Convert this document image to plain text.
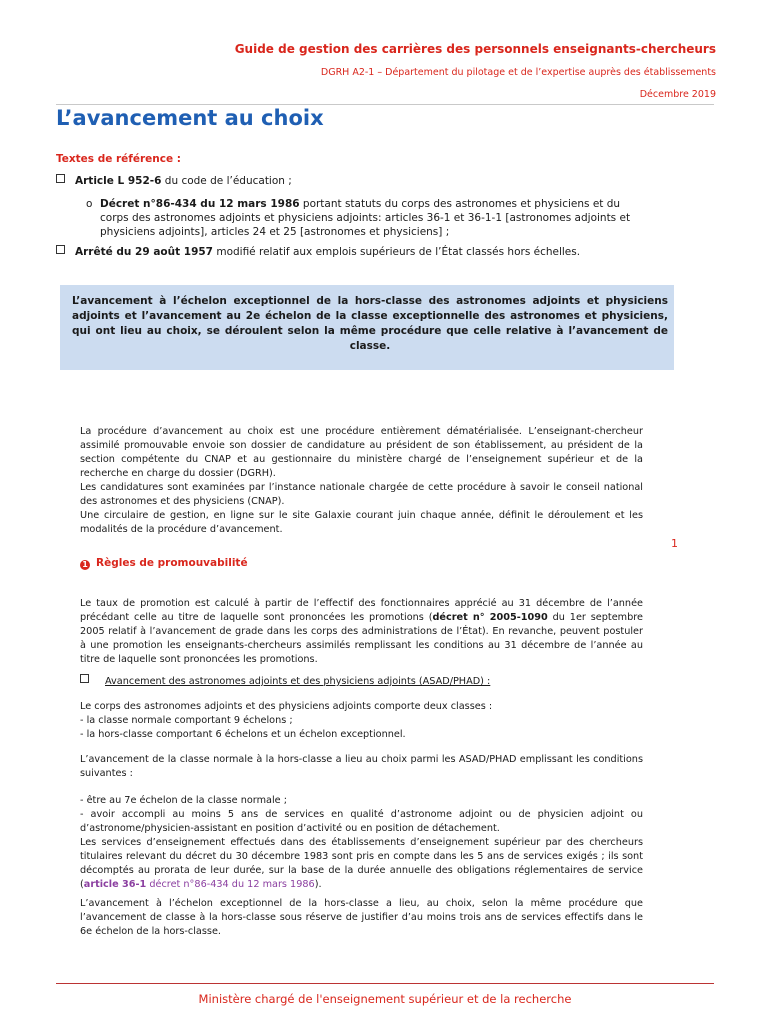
Guide de gestion des carrières des personnels enseignants-chercheurs
DGRH A2-1 – Département du pilotage et de l’expertise auprès des établissements
Décembre 2019
L’avancement au choix
Textes de référence :
Article L 952-6 du code de l’éducation ;
o Décret n°86-434 du 12 mars 1986 portant statuts du corps des astronomes et physiciens et du corps des astronomes adjoints et physiciens adjoints: articles 36-1 et 36-1-1 [astronomes adjoints et physiciens adjoints], articles 24 et 25 [astronomes et physiciens] ;
Arrêté du 29 août 1957 modifié relatif aux emplois supérieurs de l’État classés hors échelles.
L’avancement à l’échelon exceptionnel de la hors-classe des astronomes adjoints et physiciens adjoints et l’avancement au 2e échelon de la classe exceptionnelle des astronomes et physiciens, qui ont lieu au choix, se déroulent selon la même procédure que celle relative à l’avancement de classe.
La procédure d’avancement au choix est une procédure entièrement dématérialisée. L’enseignant-chercheur assimilé promouvable envoie son dossier de candidature au président de son établissement, au président de la section compétente du CNAP et au gestionnaire du ministère chargé de l’enseignement supérieur et de la recherche en charge du dossier (DGRH).
Les candidatures sont examinées par l’instance nationale chargée de cette procédure à savoir le conseil national des astronomes et des physiciens (CNAP).
Une circulaire de gestion, en ligne sur le site Galaxie courant juin chaque année, définit le déroulement et les modalités de la procédure d’avancement.
1
1 Règles de promouvabilité
Le taux de promotion est calculé à partir de l’effectif des fonctionnaires apprécié au 31 décembre de l’année précédant celle au titre de laquelle sont prononcées les promotions (décret n° 2005-1090 du 1er septembre 2005 relatif à l’avancement de grade dans les corps des administrations de l’État). En revanche, peuvent postuler à une promotion les enseignants-chercheurs assimilés remplissant les conditions au 31 décembre de l’année au titre de laquelle sont prononcées les promotions.
Avancement des astronomes adjoints et des physiciens adjoints (ASAD/PHAD) :
Le corps des astronomes adjoints et des physiciens adjoints comporte deux classes :
- la classe normale comportant 9 échelons ;
- la hors-classe comportant 6 échelons et un échelon exceptionnel.
L’avancement de la classe normale à la hors-classe a lieu au choix parmi les ASAD/PHAD emplissant les conditions suivantes :
- être au 7e échelon de la classe normale ;
- avoir accompli au moins 5 ans de services en qualité d’astronome adjoint ou de physicien adjoint ou d’astronome/physicien-assistant en position d’activité ou en position de détachement.
Les services d’enseignement effectués dans des établissements d’enseignement supérieur par des chercheurs titulaires relevant du décret du 30 décembre 1983 sont pris en compte dans les 5 ans de services exigés ; ils sont décomptés au prorata de leur durée, sur la base de la durée annuelle des obligations réglementaires de service (article 36-1 décret n°86-434 du 12 mars 1986).
L’avancement à l’échelon exceptionnel de la hors-classe a lieu, au choix, selon la même procédure que l’avancement de classe à la hors-classe sous réserve de justifier d’au moins trois ans de services effectifs dans le 6e échelon de la hors-classe.
Ministère chargé de l'enseignement supérieur et de la recherche
